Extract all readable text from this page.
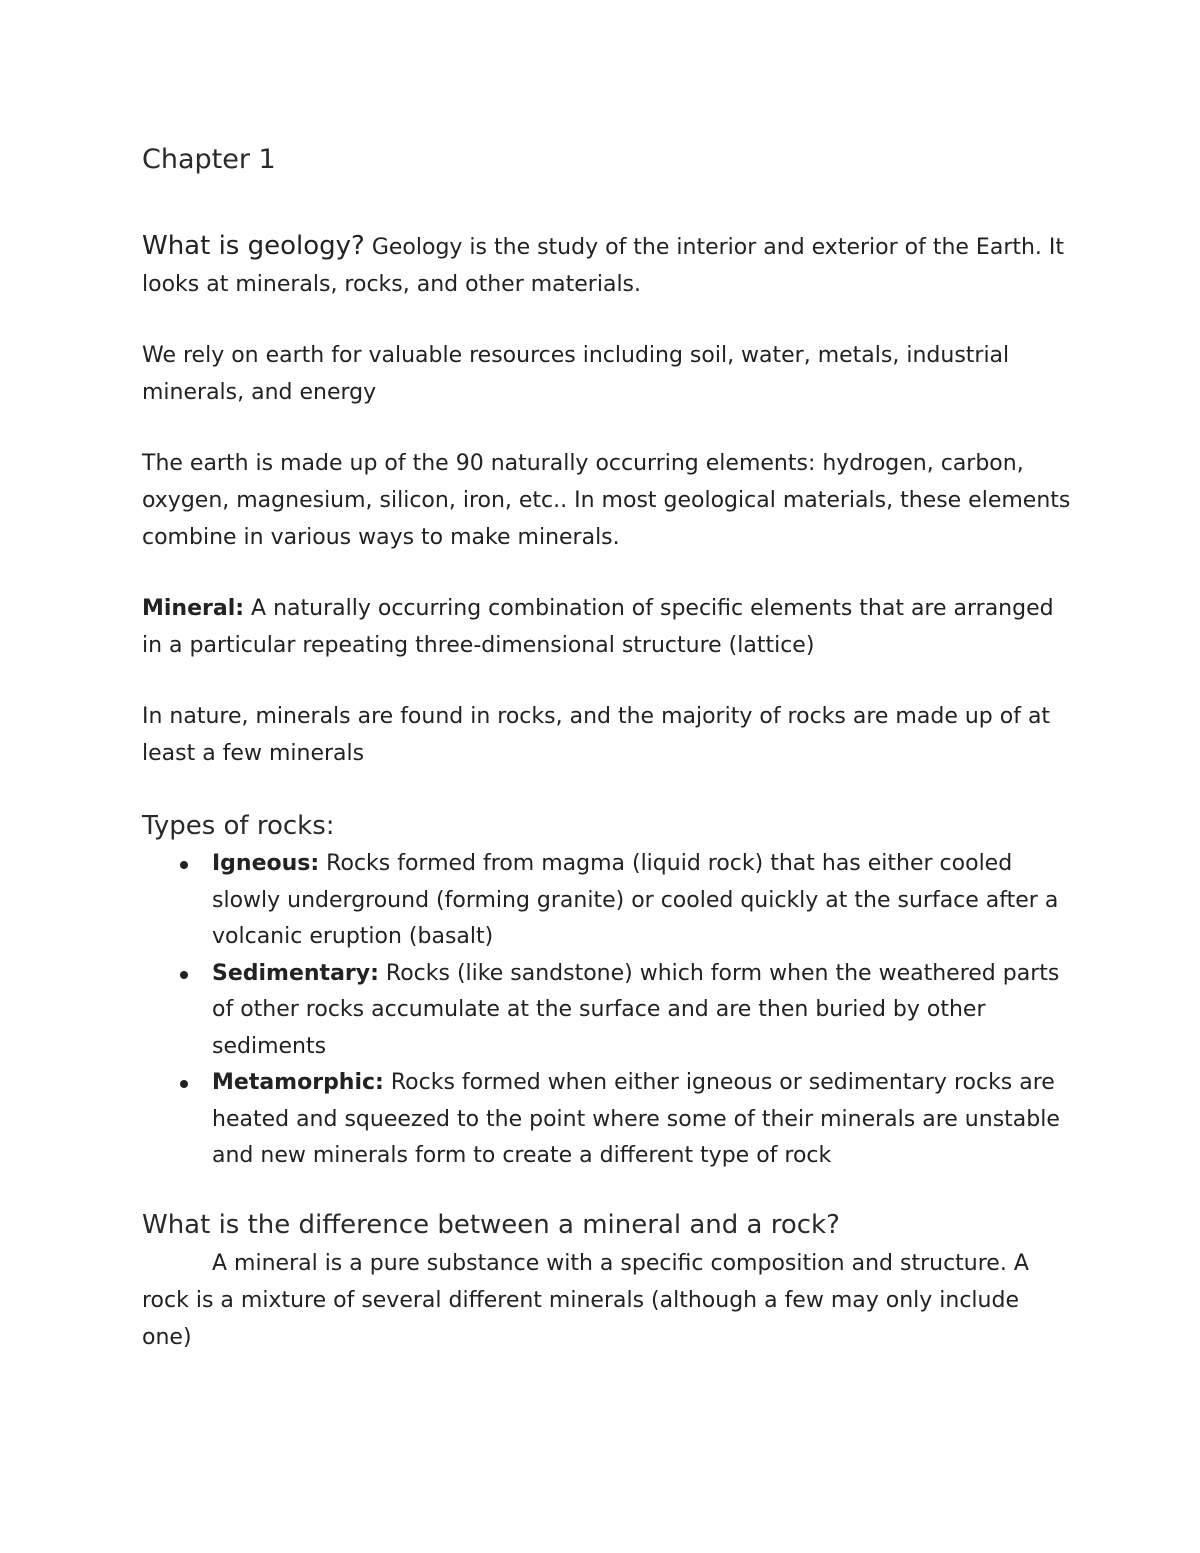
Chapter 1

What is geology? Geology is the study of the interior and exterior of the Earth. It looks at minerals, rocks, and other materials.

We rely on earth for valuable resources including soil, water, metals, industrial minerals, and energy

The earth is made up of the 90 naturally occurring elements: hydrogen, carbon, oxygen, magnesium, silicon, iron, etc.. In most geological materials, these elements combine in various ways to make minerals.

Mineral: A naturally occurring combination of specific elements that are arranged in a particular repeating three-dimensional structure (lattice)

In nature, minerals are found in rocks, and the majority of rocks are made up of at least a few minerals

Types of rocks:
Igneous: Rocks formed from magma (liquid rock) that has either cooled slowly underground (forming granite) or cooled quickly at the surface after a volcanic eruption (basalt)
Sedimentary: Rocks (like sandstone) which form when the weathered parts of other rocks accumulate at the surface and are then buried by other sediments
Metamorphic: Rocks formed when either igneous or sedimentary rocks are heated and squeezed to the point where some of their minerals are unstable and new minerals form to create a different type of rock
What is the difference between a mineral and a rock?

A mineral is a pure substance with a specific composition and structure. A rock is a mixture of several different minerals (although a few may only include one)
